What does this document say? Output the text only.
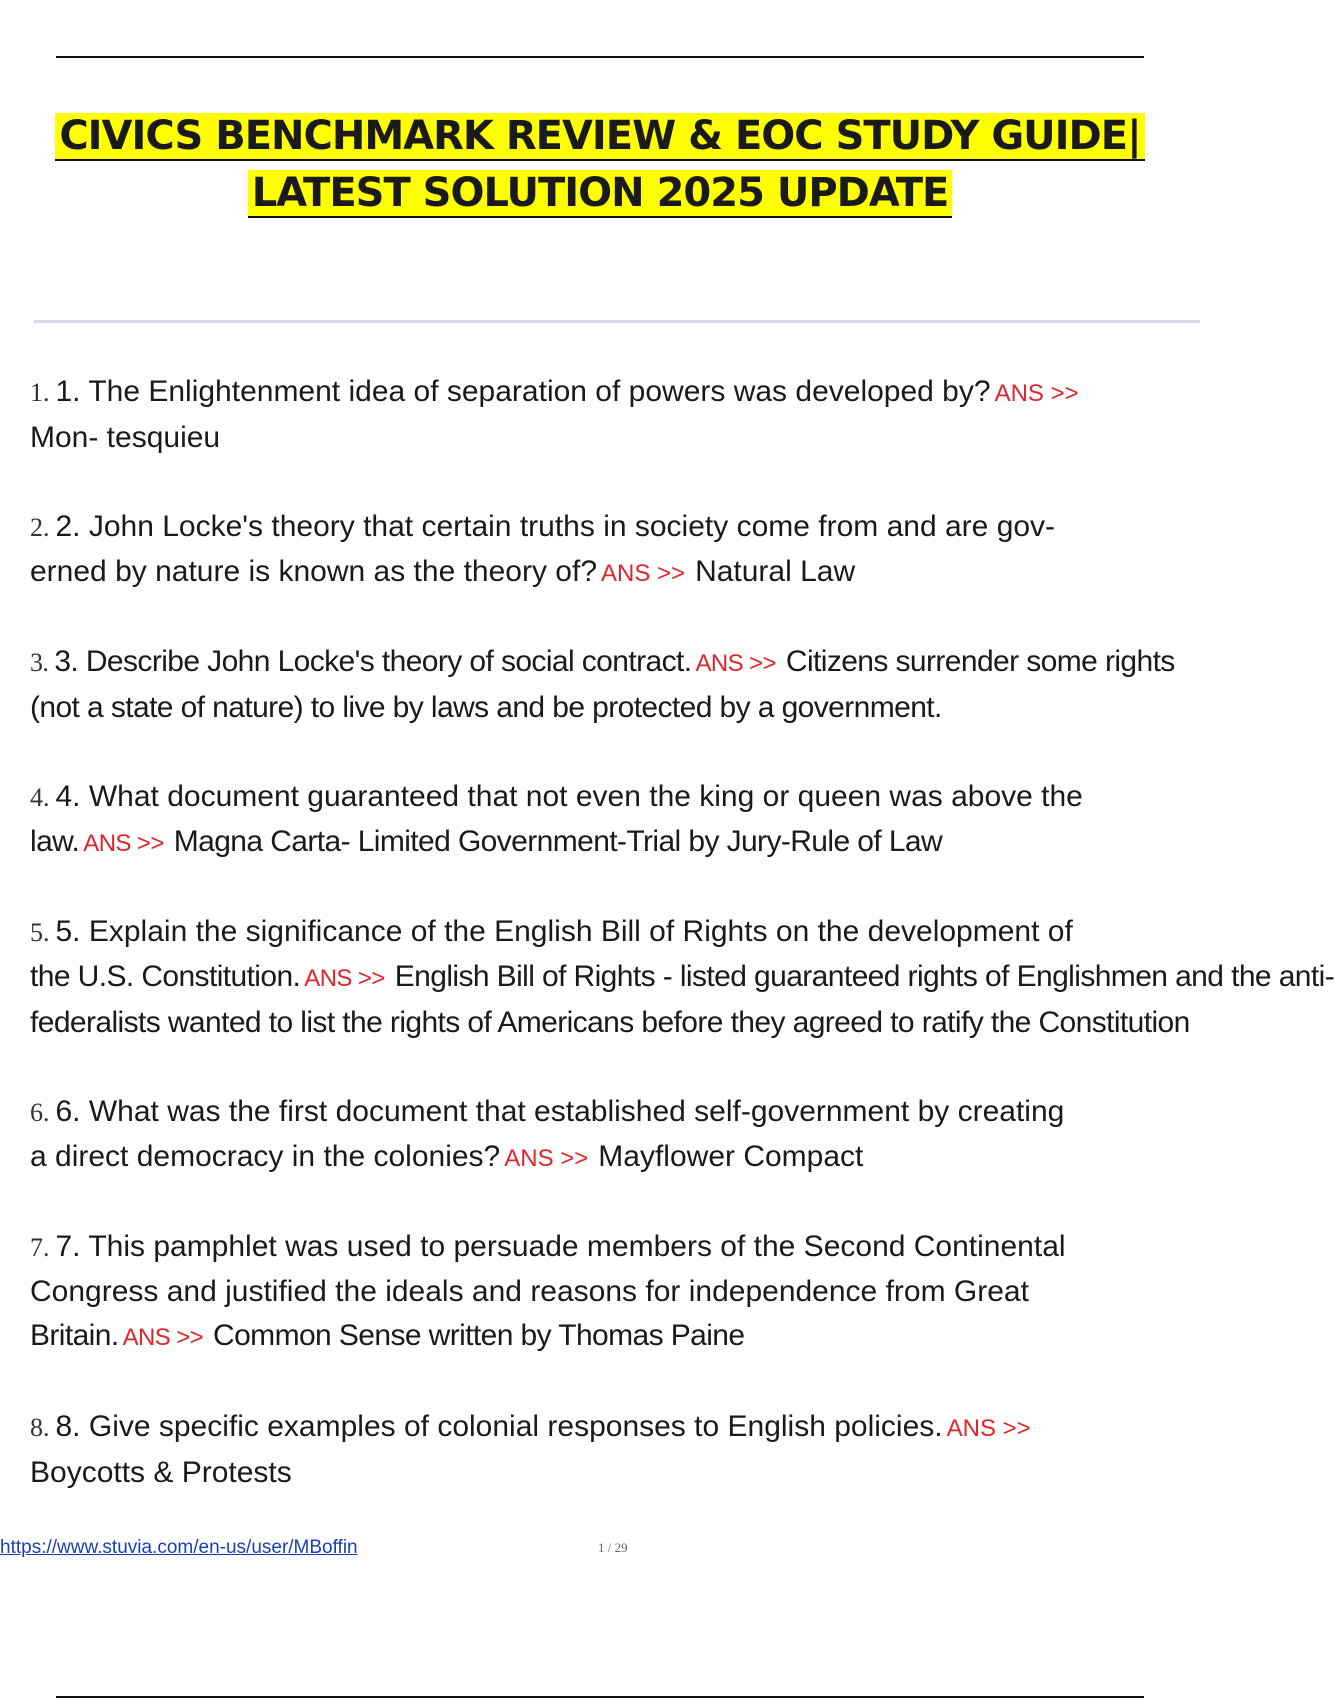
CIVICS BENCHMARK REVIEW & EOC STUDY GUIDE|
LATEST SOLUTION 2025 UPDATE
1. 1. The Enlightenment idea of separation of powers was developed by? ANS >>
Mon- tesquieu
2. 2. John Locke's theory that certain truths in society come from and are gov-
erned by nature is known as the theory of? ANS >> Natural Law
3. 3. Describe John Locke's theory of social contract. ANS >> Citizens surrender some rights
(not a state of nature) to live by laws and be protected by a government.
4. 4. What document guaranteed that not even the king or queen was above the
law. ANS >> Magna Carta- Limited Government-Trial by Jury-Rule of Law
5. 5. Explain the significance of the English Bill of Rights on the development of
the U.S. Constitution. ANS >> English Bill of Rights - listed guaranteed rights of Englishmen and the anti-
federalists wanted to list the rights of Americans before they agreed to ratify the Constitution
6. 6. What was the first document that established self-government by creating
a direct democracy in the colonies? ANS >> Mayflower Compact
7. 7. This pamphlet was used to persuade members of the Second Continental
Congress and justified the ideals and reasons for independence from Great
Britain. ANS >> Common Sense written by Thomas Paine
8. 8. Give specific examples of colonial responses to English policies. ANS >>
Boycotts & Protests
https://www.stuvia.com/en-us/user/MBoffin	1 / 29
